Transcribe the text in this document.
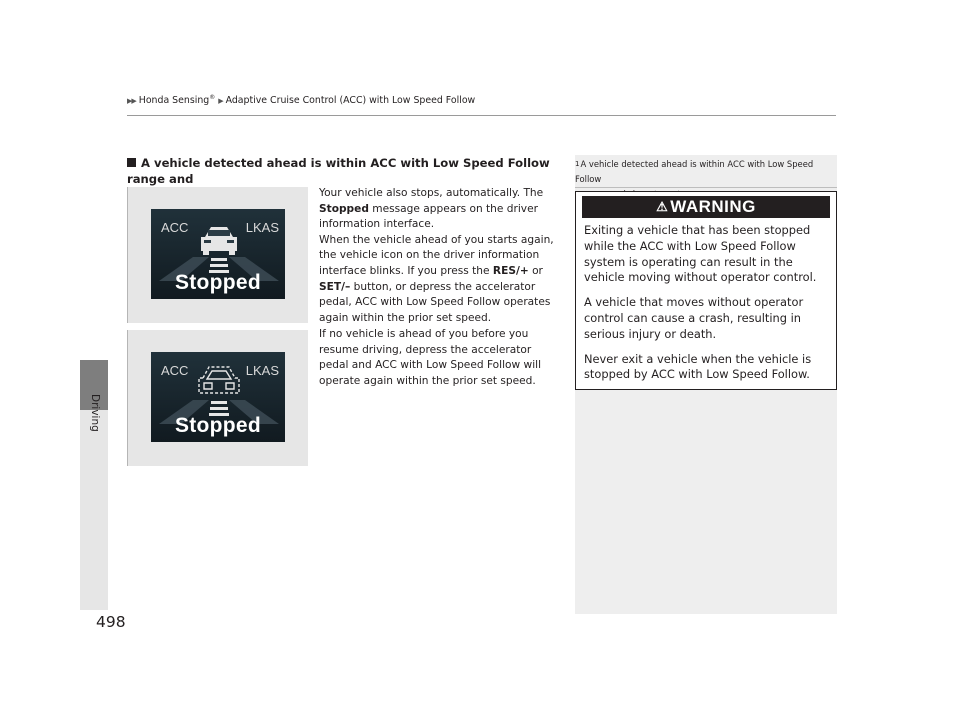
▶▶ Honda Sensing® ▶ Adaptive Cruise Control (ACC) with Low Speed Follow
Driving
498
A vehicle detected ahead is within ACC with Low Speed Follow range and
ACC	LKAS
Stopped
ACC	LKAS
Stopped

Your vehicle also stops, automatically. The Stopped message appears on the driver information interface.
When the vehicle ahead of you starts again, the vehicle icon on the driver information interface blinks. If you press the RES/+ or SET/– button, or depress the accelerator pedal, ACC with Low Speed Follow operates again within the prior set speed.

If no vehicle is ahead of you before you resume driving, depress the accelerator pedal and ACC with Low Speed Follow will operate again within the prior set speed.

1A vehicle detected ahead is within ACC with Low Speed Follow
⚠ WARNING

Exiting a vehicle that has been stopped while the ACC with Low Speed Follow system is operating can result in the vehicle moving without operator control.

A vehicle that moves without operator control can cause a crash, resulting in serious injury or death.

Never exit a vehicle when the vehicle is stopped by ACC with Low Speed Follow.
